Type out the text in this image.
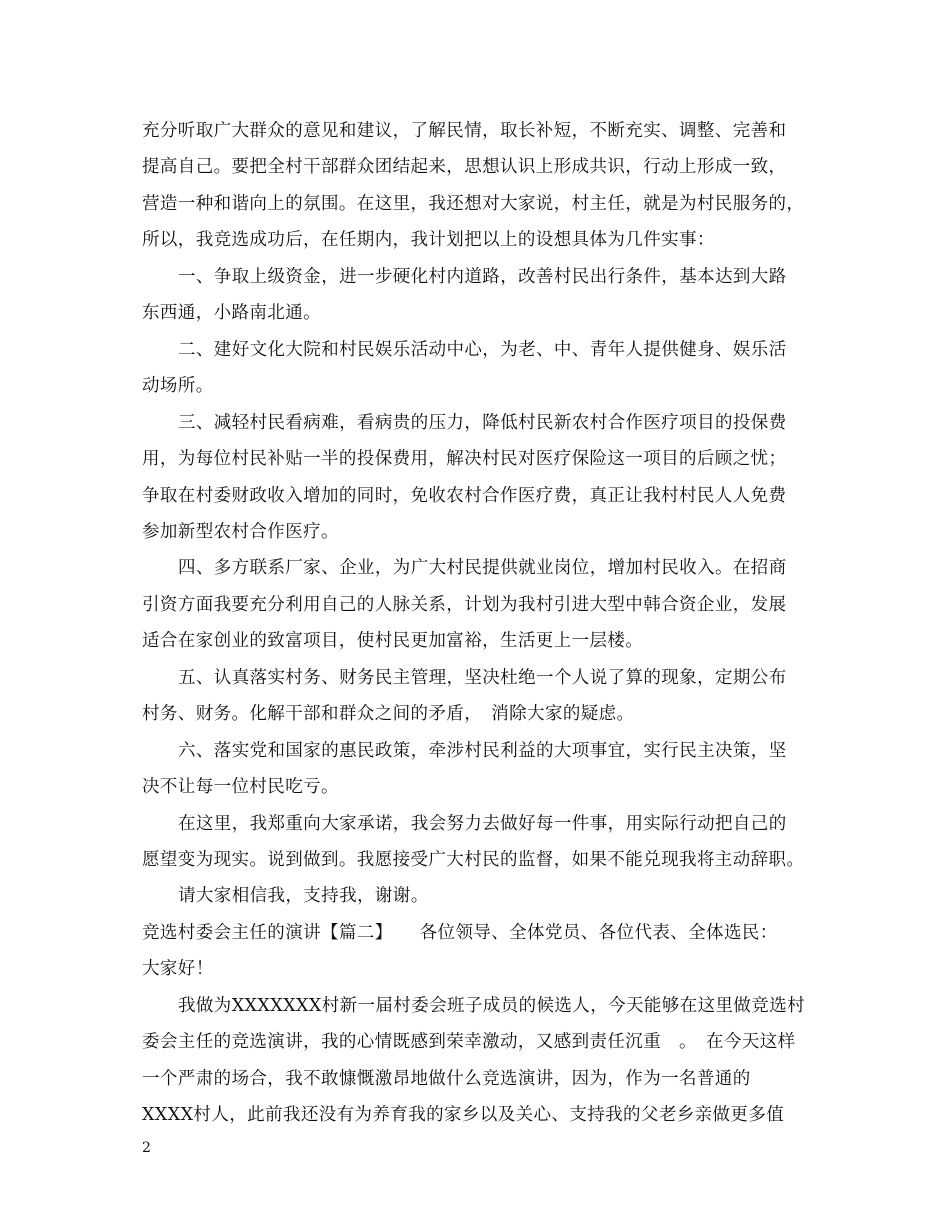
充分听取广大群众的意见和建议，了解民情，取长补短，不断充实、调整、完善和
提高自己。要把全村干部群众团结起来，思想认识上形成共识，行动上形成一致，
营造一种和谐向上的氛围。在这里，我还想对大家说，村主任，就是为村民服务的，
所以，我竞选成功后，在任期内，我计划把以上的设想具体为几件实事：
一、争取上级资金，进一步硬化村内道路，改善村民出行条件，基本达到大路
东西通，小路南北通。
二、建好文化大院和村民娱乐活动中心，为老、中、青年人提供健身、娱乐活
动场所。
三、减轻村民看病难，看病贵的压力，降低村民新农村合作医疗项目的投保费
用，为每位村民补贴一半的投保费用，解决村民对医疗保险这一项目的后顾之忧；
争取在村委财政收入增加的同时，免收农村合作医疗费，真正让我村村民人人免费
参加新型农村合作医疗。
四、多方联系厂家、企业，为广大村民提供就业岗位，增加村民收入。在招商
引资方面我要充分利用自己的人脉关系，计划为我村引进大型中韩合资企业，发展
适合在家创业的致富项目，使村民更加富裕，生活更上一层楼。
五、认真落实村务、财务民主管理，坚决杜绝一个人说了算的现象，定期公布
村务、财务。化解干部和群众之间的矛盾，　消除大家的疑虑。
六、落实党和国家的惠民政策，牵涉村民利益的大项事宜，实行民主决策，坚
决不让每一位村民吃亏。
在这里，我郑重向大家承诺，我会努力去做好每一件事，用实际行动把自己的
愿望变为现实。说到做到。我愿接受广大村民的监督，如果不能兑现我将主动辞职。
请大家相信我，支持我，谢谢。
竞选村委会主任的演讲【篇二】　　各位领导、全体党员、各位代表、全体选民：
大家好！
我做为XXXXXXX村新一届村委会班子成员的候选人，今天能够在这里做竞选村
委会主任的竞选演讲，我的心情既感到荣幸激动，又感到责任沉重　。　在今天这样
一个严肃的场合，我不敢慷慨激昂地做什么竞选演讲，因为，作为一名普通的
XXXX村人，此前我还没有为养育我的家乡以及关心、支持我的父老乡亲做更多值
2
